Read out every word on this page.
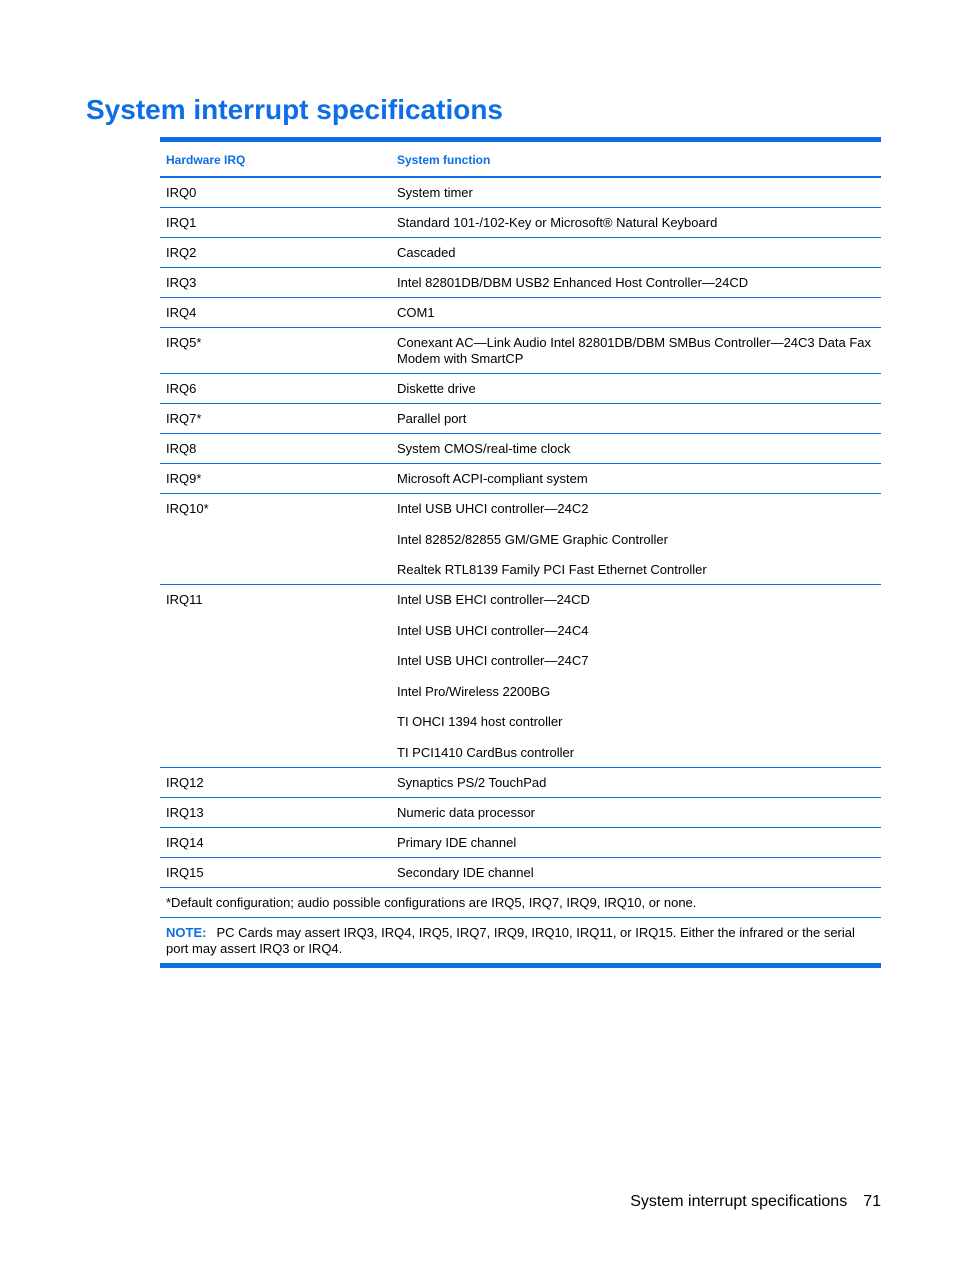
System interrupt specifications
Hardware IRQ	System function
IRQ0	System timer
IRQ1	Standard 101-/102-Key or Microsoft® Natural Keyboard
IRQ2	Cascaded
IRQ3	Intel 82801DB/DBM USB2 Enhanced Host Controller—24CD
IRQ4	COM1
IRQ5*	Conexant AC—Link Audio Intel 82801DB/DBM SMBus Controller—24C3 Data Fax Modem with SmartCP
IRQ6	Diskette drive
IRQ7*	Parallel port
IRQ8	System CMOS/real-time clock
IRQ9*	Microsoft ACPI-compliant system
IRQ10*	Intel USB UHCI controller—24C2
Intel 82852/82855 GM/GME Graphic Controller
Realtek RTL8139 Family PCI Fast Ethernet Controller
IRQ11	Intel USB EHCI controller—24CD
Intel USB UHCI controller—24C4
Intel USB UHCI controller—24C7
Intel Pro/Wireless 2200BG
TI OHCI 1394 host controller
TI PCI1410 CardBus controller
IRQ12	Synaptics PS/2 TouchPad
IRQ13	Numeric data processor
IRQ14	Primary IDE channel
IRQ15	Secondary IDE channel
*Default configuration; audio possible configurations are IRQ5, IRQ7, IRQ9, IRQ10, or none.
NOTE: PC Cards may assert IRQ3, IRQ4, IRQ5, IRQ7, IRQ9, IRQ10, IRQ11, or IRQ15. Either the infrared or the serial port may assert IRQ3 or IRQ4.
System interrupt specifications 71
